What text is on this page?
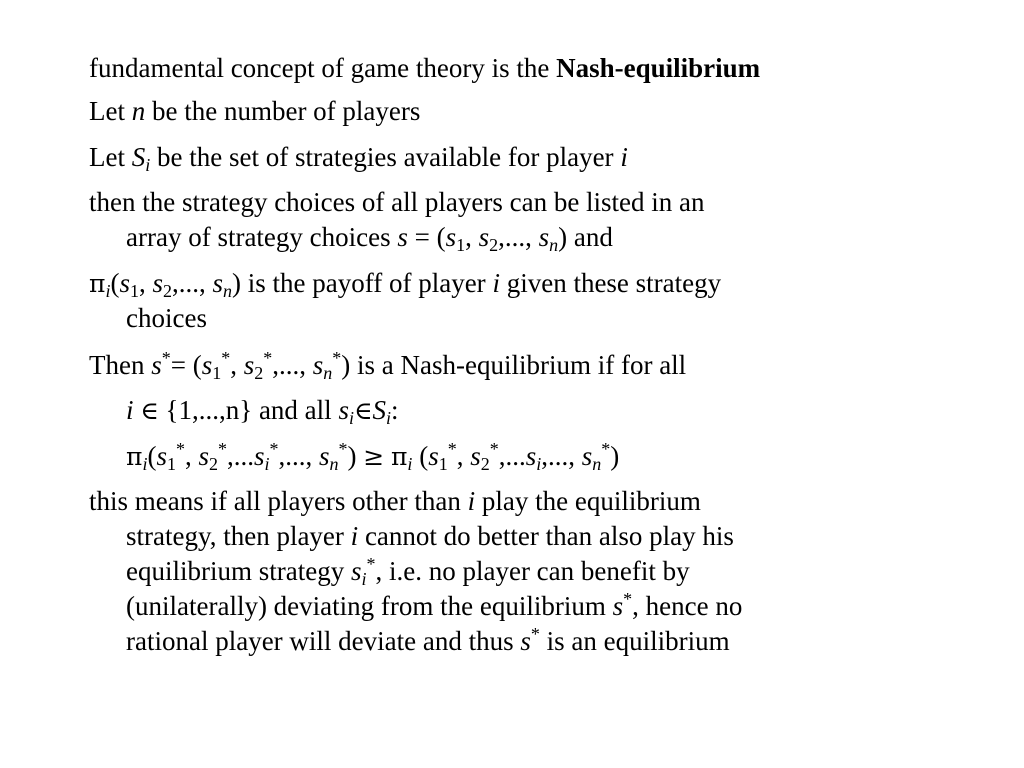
fundamental concept of game theory is the Nash-equilibrium
Let n be the number of players
Let $S_i$ be the set of strategies available for player i
then the strategy choices of all players can be listed in an
array of strategy choices $s = (s_1$, $s_2$,..., $s_n$) and
$\pi_i(s_1$, $s_2$,..., $s_n$) is the payoff of player i given these strategy
choices
Then $s^*= (s_1^*$, $s_2^*$,..., $s_n^*$) is a Nash-equilibrium if for all
i ∈ {1,...,n} and all $s_i\in S_i$:
$\pi_i(s_1^*$, $s_2^*,...s_i^*$,..., $s_n^*) \ge \pi_i$ ($s_1^*$, $s_2^*,...s_i$,..., $s_n^*$)
this means if all players other than i play the equilibrium
strategy, then player i cannot do better than also play his
equilibrium strategy $s_i^*$, i.e. no player can benefit by
(unilaterally) deviating from the equilibrium s*, hence no
rational player will deviate and thus s* is an equilibrium
